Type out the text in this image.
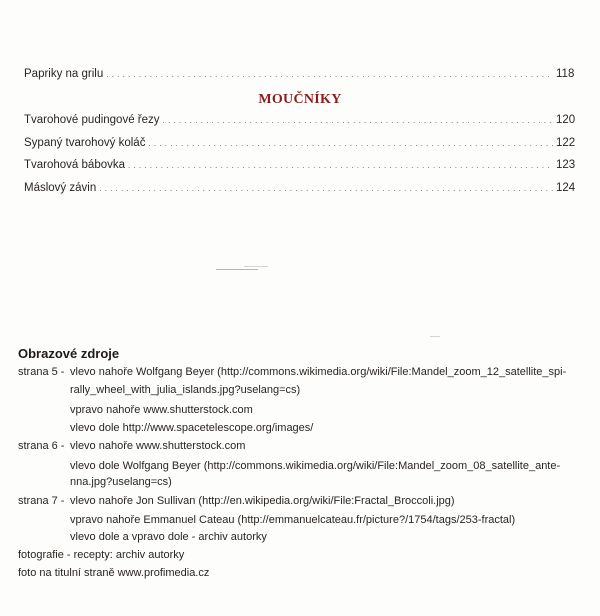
Papriky na grilu . . .	118
MOUČNÍKY
Tvarohové pudingové řezy . . .	120
Sypaný tvarohový koláč . . .	122
Tvarohová bábovka . . .	123
Máslový závin . . .	124
Obrazové zdroje
strana 5 - vlevo nahoře Wolfgang Beyer (http://commons.wikimedia.org/wiki/File:Mandel_zoom_12_satellite_spi-
rally_wheel_with_julia_islands.jpg?uselang=cs)
vpravo nahoře www.shutterstock.com
vlevo dole http://www.spacetelescope.org/images/
strana 6 - vlevo nahoře www.shutterstock.com
vlevo dole Wolfgang Beyer (http://commons.wikimedia.org/wiki/File:Mandel_zoom_08_satellite_ante-
nna.jpg?uselang=cs)
strana 7 - vlevo nahoře Jon Sullivan (http://en.wikipedia.org/wiki/File:Fractal_Broccoli.jpg)
vpravo nahoře Emmanuel Cateau (http://emmanuelcateau.fr/picture?/1754/tags/253-fractal)
vlevo dole a vpravo dole - archiv autorky
fotografie - recepty: archiv autorky
foto na titulní straně www.profimedia.cz
